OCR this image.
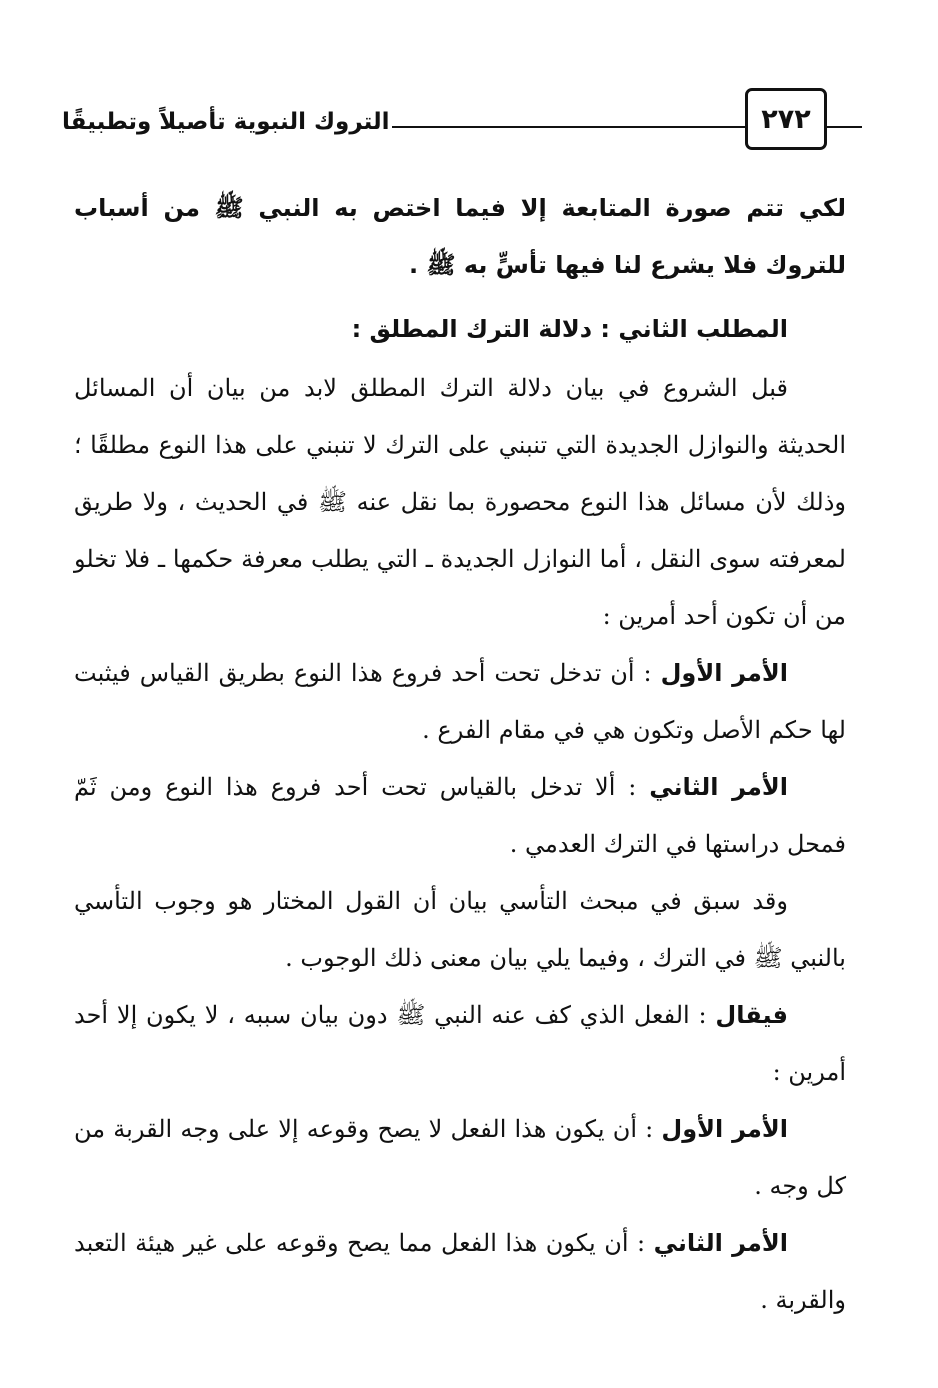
التروك النبوية تأصيلاً وتطبيقًا	٢٧٢

لكي تتم صورة المتابعة إلا فيما اختص به النبي ﷺ من أسباب للتروك فلا يشرع لنا فيها تأسٍّ به ﷺ .

المطلب الثاني : دلالة الترك المطلق :

قبل الشروع في بيان دلالة الترك المطلق لابد من بيان أن المسائل الحديثة والنوازل الجديدة التي تنبني على الترك لا تنبني على هذا النوع مطلقًا ؛ وذلك لأن مسائل هذا النوع محصورة بما نقل عنه ﷺ في الحديث ، ولا طريق لمعرفته سوى النقل ، أما النوازل الجديدة ـ التي يطلب معرفة حكمها ـ فلا تخلو من أن تكون أحد أمرين :

الأمر الأول : أن تدخل تحت أحد فروع هذا النوع بطريق القياس فيثبت لها حكم الأصل وتكون هي في مقام الفرع .

الأمر الثاني : ألا تدخل بالقياس تحت أحد فروع هذا النوع ومن ثَمّ فمحل دراستها في الترك العدمي .

وقد سبق في مبحث التأسي بيان أن القول المختار هو وجوب التأسي بالنبي ﷺ في الترك ، وفيما يلي بيان معنى ذلك الوجوب .

فيقال : الفعل الذي كف عنه النبي ﷺ دون بيان سببه ، لا يكون إلا أحد أمرين :

الأمر الأول : أن يكون هذا الفعل لا يصح وقوعه إلا على وجه القربة من كل وجه .

الأمر الثاني : أن يكون هذا الفعل مما يصح وقوعه على غير هيئة التعبد والقربة .
